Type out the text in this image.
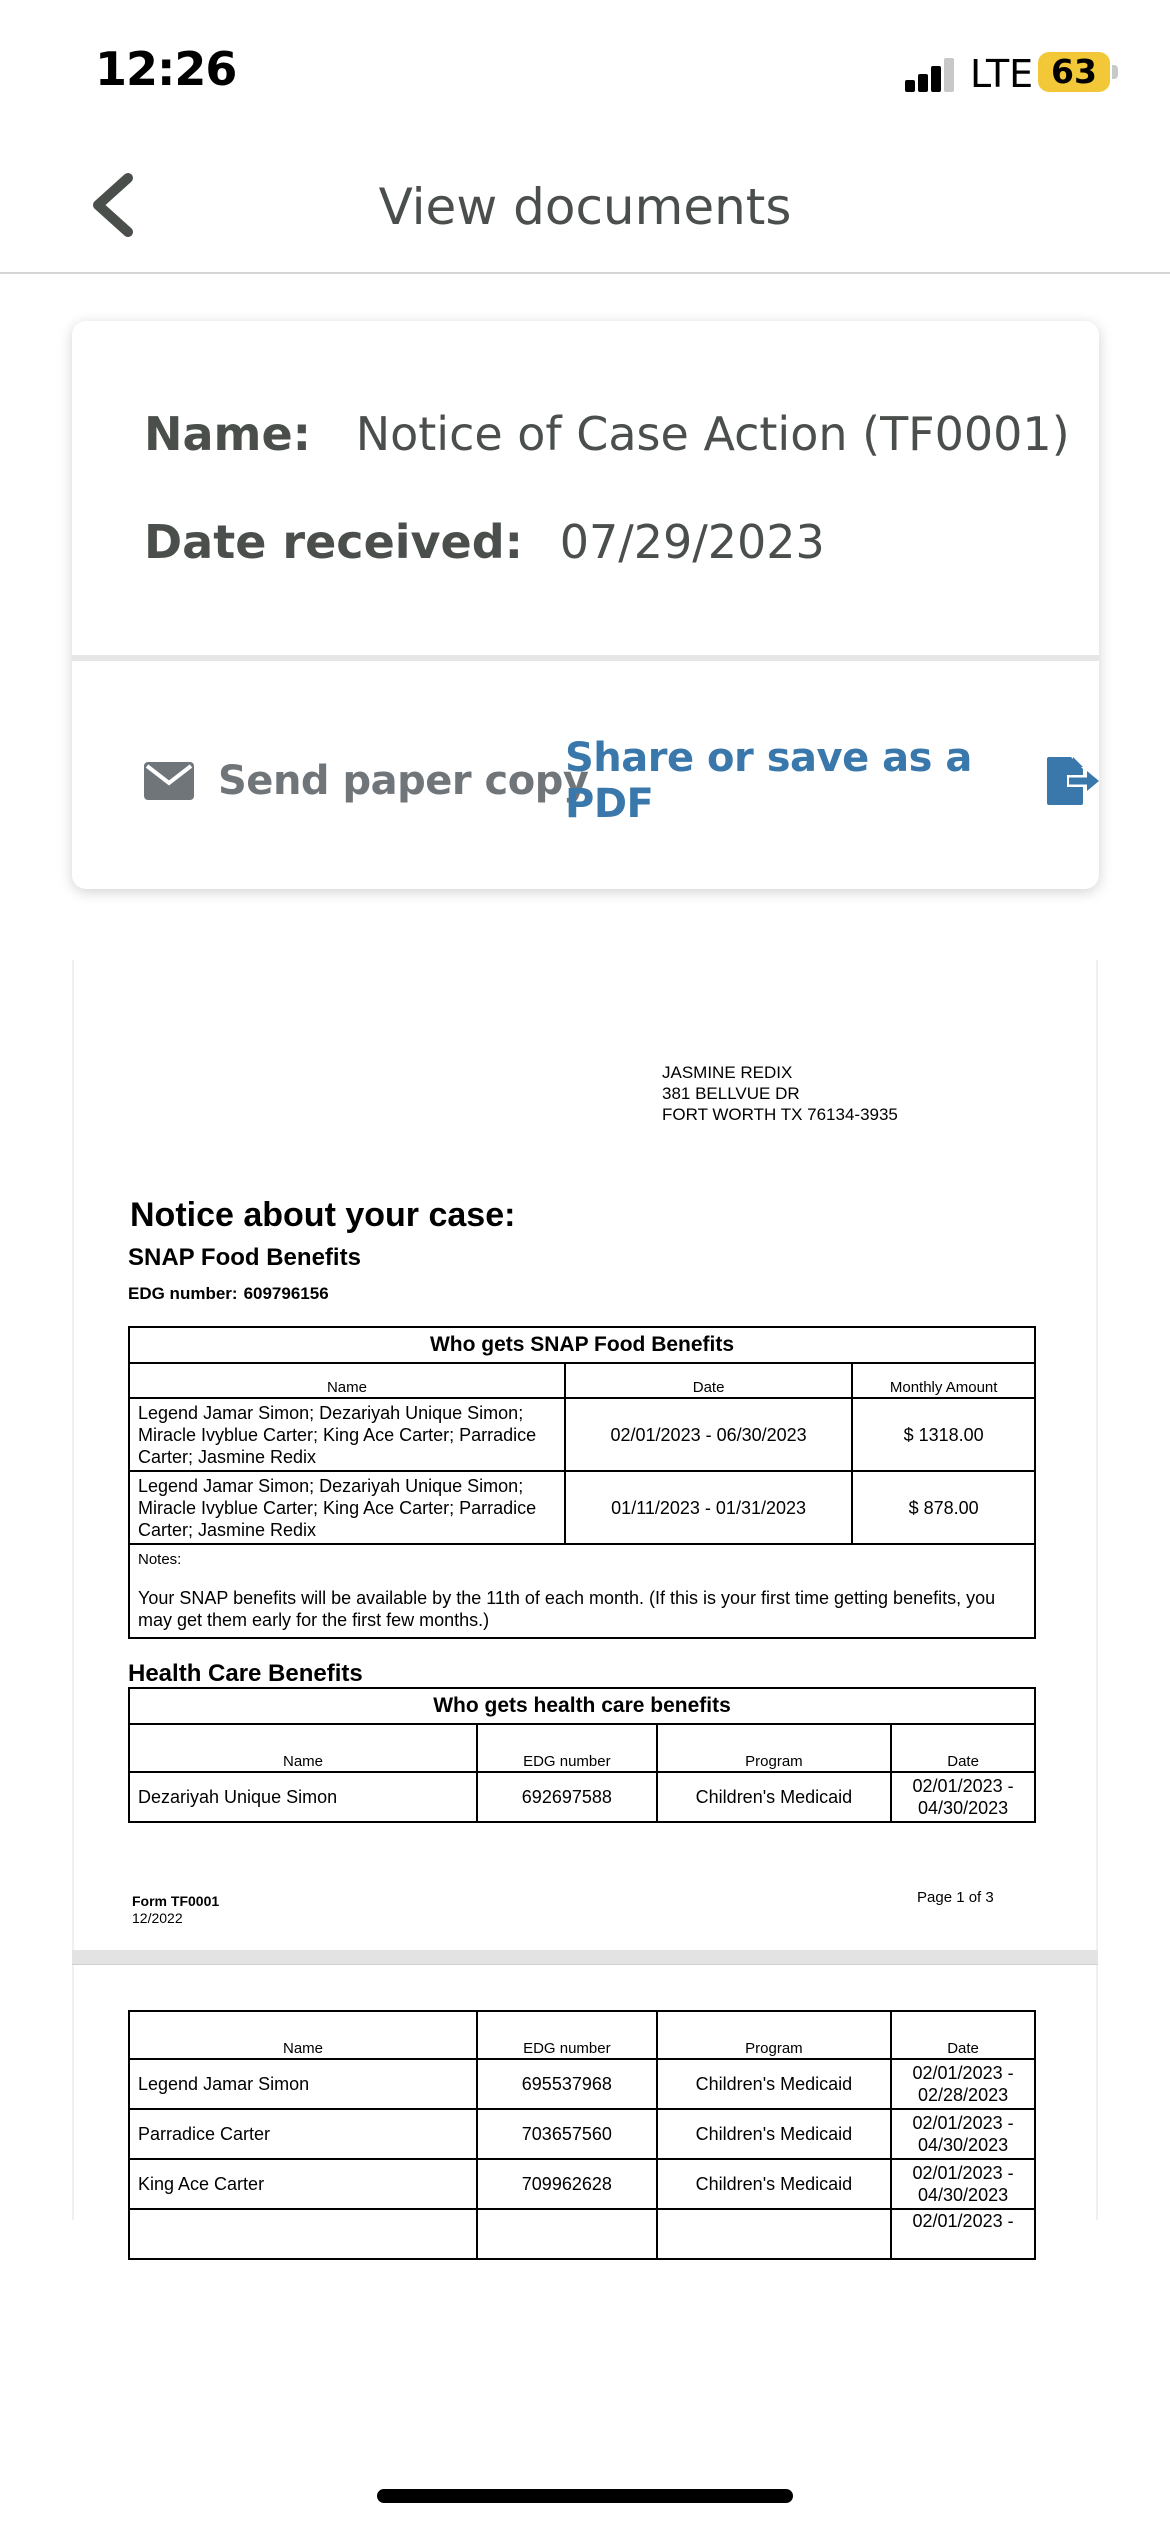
12:26	LTE 63
View documents
Name: Notice of Case Action (TF0001)
Date received: 07/29/2023
Send paper copy
Share or save as a PDF
JASMINE REDIX
381 BELLVUE DR
FORT WORTH TX 76134-3935
Notice about your case:
SNAP Food Benefits
EDG number: 609796156
Who gets SNAP Food Benefits		
Name	Date	Monthly Amount
Legend Jamar Simon; Dezariyah Unique Simon; Miracle Ivyblue Carter; King Ace Carter; Parradice Carter; Jasmine Redix	02/01/2023 - 06/30/2023	$ 1318.00
Legend Jamar Simon; Dezariyah Unique Simon; Miracle Ivyblue Carter; King Ace Carter; Parradice Carter; Jasmine Redix	01/11/2023 - 01/31/2023	$ 878.00

Notes:
Your SNAP benefits will be available by the 11th of each month. (If this is your first time getting benefits, you may get them early for the first few months.)		
Health Care Benefits
Who gets health care benefits			
Name	EDG number	Program	Date
Dezariyah Unique Simon	692697588	Children's Medicaid	02/01/2023 - 04/30/2023
Form TF0001
12/2022
Page 1 of 3
Name	EDG number	Program	Date
Legend Jamar Simon	695537968	Children's Medicaid	02/01/2023 - 02/28/2023
Parradice Carter	703657560	Children's Medicaid	02/01/2023 - 04/30/2023
King Ace Carter	709962628	Children's Medicaid	02/01/2023 - 04/30/2023
			02/01/2023 -
